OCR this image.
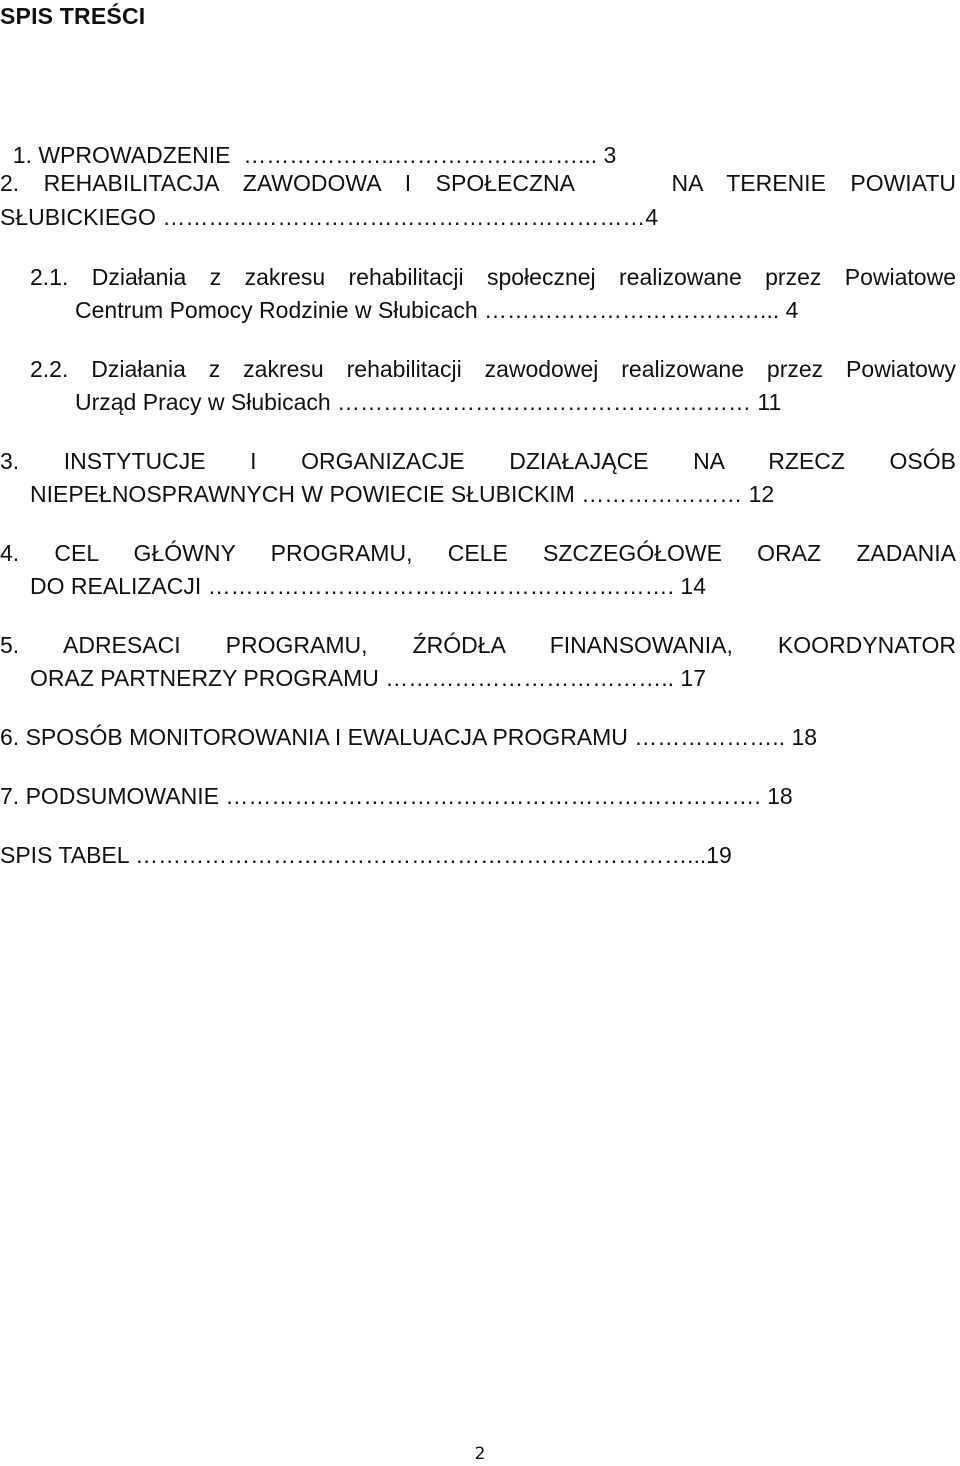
SPIS TREŚCI

1. WPROWADZENIE  ………………..……………………... 3

2. REHABILITACJA ZAWODOWA I SPOŁECZNA    NA TERENIE POWIATU
SŁUBICKIEGO ………………………………………………………4
2.1. Działania z zakresu rehabilitacji społecznej realizowane przez Powiatowe
Centrum Pomocy Rodzinie w Słubicach ………………………………... 4
2.2. Działania z zakresu rehabilitacji zawodowej realizowane przez Powiatowy
Urząd Pracy w Słubicach ……………………………………………… 11
3. INSTYTUCJE I ORGANIZACJE DZIAŁAJĄCE NA RZECZ OSÓB
NIEPEŁNOSPRAWNYCH W POWIECIE SŁUBICKIM ………………… 12
4. CEL GŁÓWNY PROGRAMU, CELE SZCZEGÓŁOWE ORAZ ZADANIA
DO REALIZACJI ……………………………………………………. 14
5. ADRESACI PROGRAMU, ŹRÓDŁA FINANSOWANIA, KOORDYNATOR
ORAZ PARTNERZY PROGRAMU ……………………………….. 17
6. SPOSÓB MONITOROWANIA I EWALUACJA PROGRAMU ……………….. 18
7. PODSUMOWANIE ……………………………………………………………. 18
SPIS TABEL ………………………………………………………………...19
2
